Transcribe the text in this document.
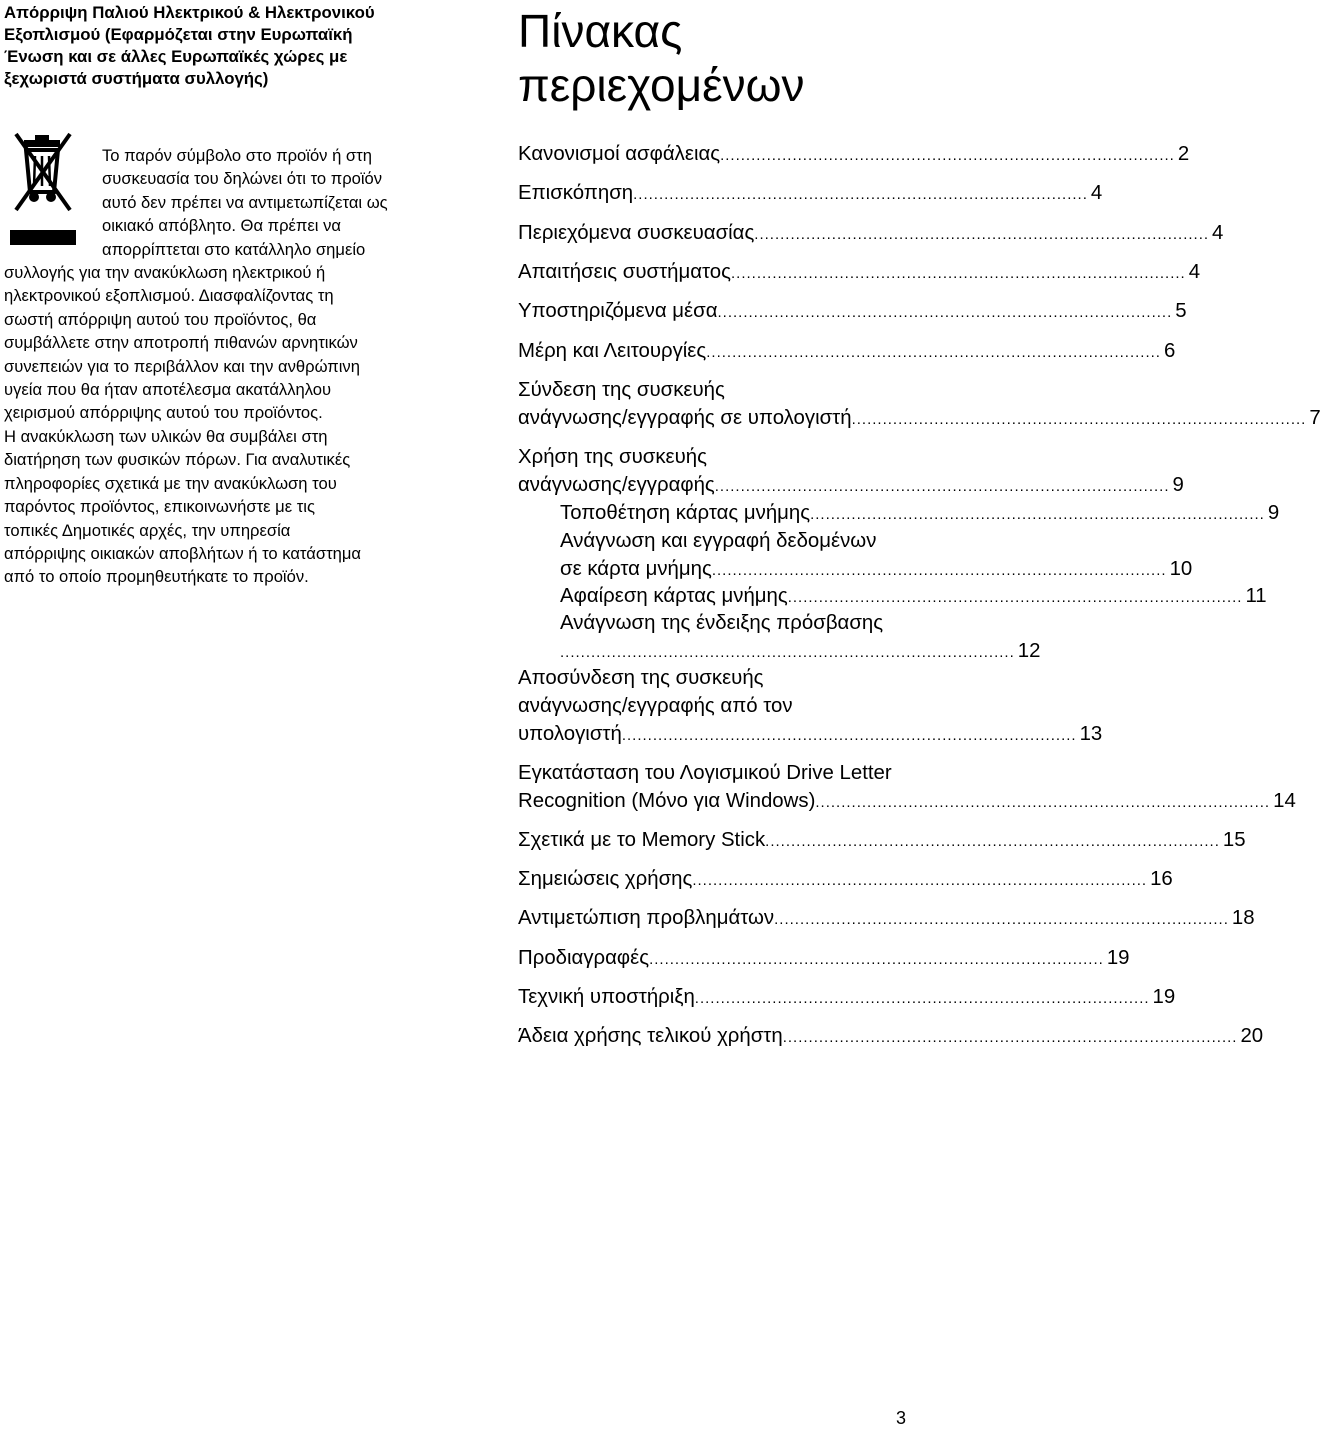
Απόρριψη Παλιού Ηλεκτρικού & Ηλεκτρονικού
Εξοπλισμού (Εφαρμόζεται στην Ευρωπαϊκή
Ένωση και σε άλλες Ευρωπαϊκές χώρες με
ξεχωριστά συστήματα συλλογής)
Το παρόν σύμβολο στο προϊόν ή στη
συσκευασία του δηλώνει ότι το προϊόν
αυτό δεν πρέπει να αντιμετωπίζεται ως
οικιακό απόβλητο. Θα πρέπει να
απορρίπτεται στο κατάλληλο σημείο
συλλογής για την ανακύκλωση ηλεκτρικού ή
ηλεκτρονικού εξοπλισμού. Διασφαλίζοντας τη
σωστή απόρριψη αυτού του προϊόντος, θα
συμβάλλετε στην αποτροπή πιθανών αρνητικών
συνεπειών για το περιβάλλον και την ανθρώπινη
υγεία που θα ήταν αποτέλεσμα ακατάλληλου
χειρισμού απόρριψης αυτού του προϊόντος.
Η ανακύκλωση των υλικών θα συμβάλει στη
διατήρηση των φυσικών πόρων. Για αναλυτικές
πληροφορίες σχετικά με την ανακύκλωση του
παρόντος προϊόντος, επικοινωνήστε με τις
τοπικές Δημοτικές αρχές, την υπηρεσία
απόρριψης οικιακών αποβλήτων ή το κατάστημα
από το οποίο προμηθευτήκατε το προϊόν.
Πίνακας
περιεχομένων
Κανονισμοί ασφάλειας ........................................................................................ 2
Επισκόπηση ........................................................................................ 4
Περιεχόμενα συσκευασίας ........................................................................................ 4
Απαιτήσεις συστήματος ........................................................................................ 4
Υποστηριζόμενα μέσα ........................................................................................ 5
Μέρη και Λειτουργίες ........................................................................................ 6
Σύνδεση της συσκευής
ανάγνωσης/εγγραφής σε υπολογιστή ........................................................................................ 7
Χρήση της συσκευής
ανάγνωσης/εγγραφής ........................................................................................ 9
Τοποθέτηση κάρτας μνήμης ........................................................................................ 9
Ανάγνωση και εγγραφή δεδομένων
σε κάρτα μνήμης ........................................................................................ 10
Αφαίρεση κάρτας μνήμης ........................................................................................ 11
Ανάγνωση της ένδειξης πρόσβασης
........................................................................................ 12
Αποσύνδεση της συσκευής
ανάγνωσης/εγγραφής από τον
υπολογιστή ........................................................................................ 13
Εγκατάσταση του Λογισμικού Drive Letter
Recognition (Μόνο για Windows) ........................................................................................ 14
Σχετικά με το Memory Stick ........................................................................................ 15
Σημειώσεις χρήσης ........................................................................................ 16
Αντιμετώπιση προβλημάτων ........................................................................................ 18
Προδιαγραφές ........................................................................................ 19
Τεχνική υποστήριξη ........................................................................................ 19
Άδεια χρήσης τελικού χρήστη ........................................................................................ 20
3
